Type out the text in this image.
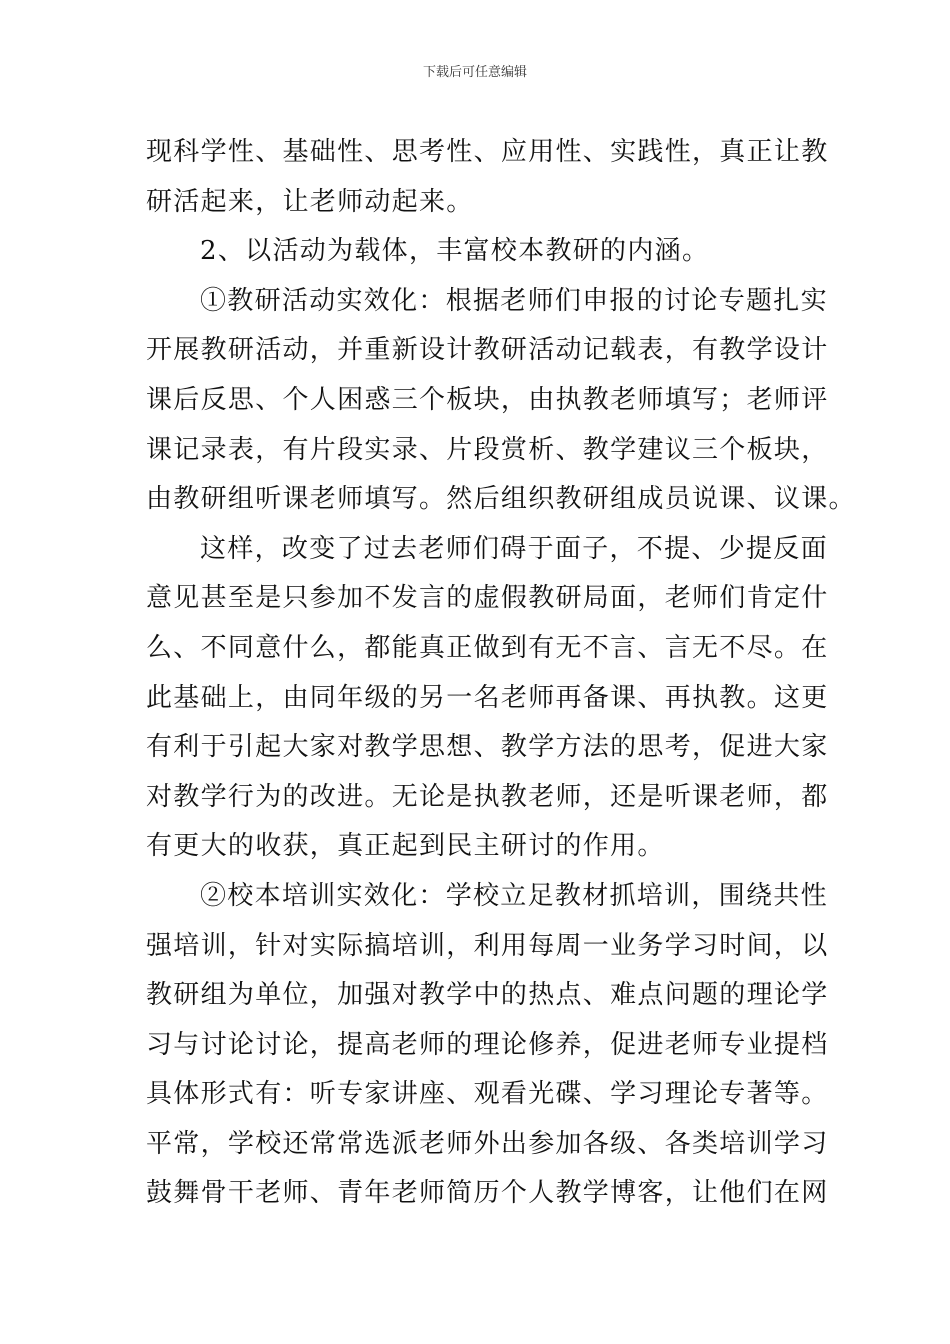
下载后可任意编辑
现科学性、基础性、思考性、应用性、实践性，真正让教
研活起来，让老师动起来。
2、以活动为载体，丰富校本教研的内涵。
①教研活动实效化：根据老师们申报的讨论专题扎实
开展教研活动，并重新设计教研活动记载表，有教学设计
课后反思、个人困惑三个板块，由执教老师填写；老师评
课记录表，有片段实录、片段赏析、教学建议三个板块，
由教研组听课老师填写。然后组织教研组成员说课、议课。
这样，改变了过去老师们碍于面子，不提、少提反面
意见甚至是只参加不发言的虚假教研局面，老师们肯定什
么、不同意什么，都能真正做到有无不言、言无不尽。在
此基础上，由同年级的另一名老师再备课、再执教。这更
有利于引起大家对教学思想、教学方法的思考，促进大家
对教学行为的改进。无论是执教老师，还是听课老师，都
有更大的收获，真正起到民主研讨的作用。
②校本培训实效化：学校立足教材抓培训，围绕共性
强培训，针对实际搞培训，利用每周一业务学习时间，以
教研组为单位，加强对教学中的热点、难点问题的理论学
习与讨论讨论，提高老师的理论修养，促进老师专业提档
具体形式有：听专家讲座、观看光碟、学习理论专著等。
平常，学校还常常选派老师外出参加各级、各类培训学习
鼓舞骨干老师、青年老师简历个人教学博客，让他们在网
